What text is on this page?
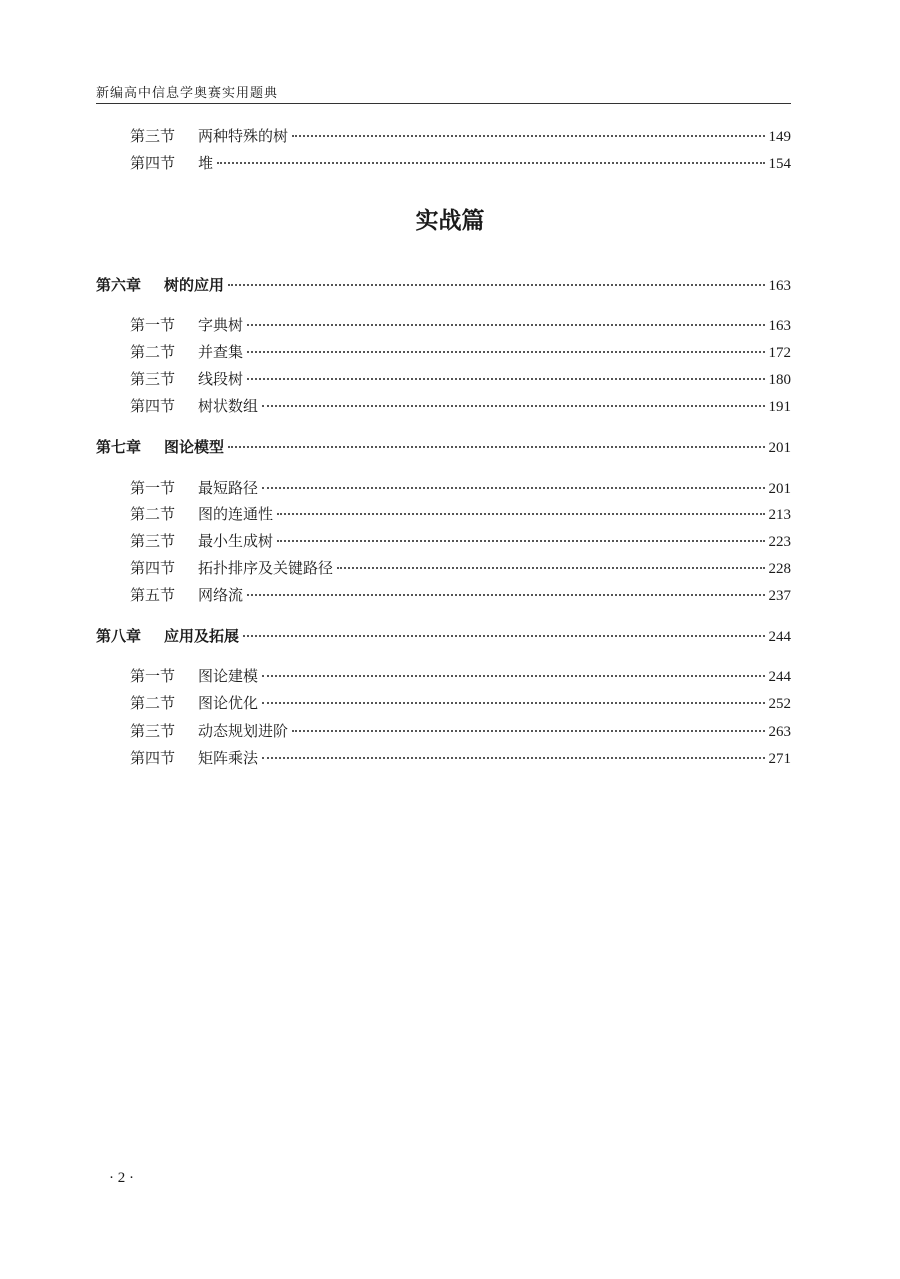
新编高中信息学奥赛实用题典
第三节	两种特殊的树	149
第四节	堆	154
实战篇
第六章	树的应用	163
第一节	字典树	163
第二节	并查集	172
第三节	线段树	180
第四节	树状数组	191
第七章	图论模型	201
第一节	最短路径	201
第二节	图的连通性	213
第三节	最小生成树	223
第四节	拓扑排序及关键路径	228
第五节	网络流	237
第八章	应用及拓展	244
第一节	图论建模	244
第二节	图论优化	252
第三节	动态规划进阶	263
第四节	矩阵乘法	271
· 2 ·
